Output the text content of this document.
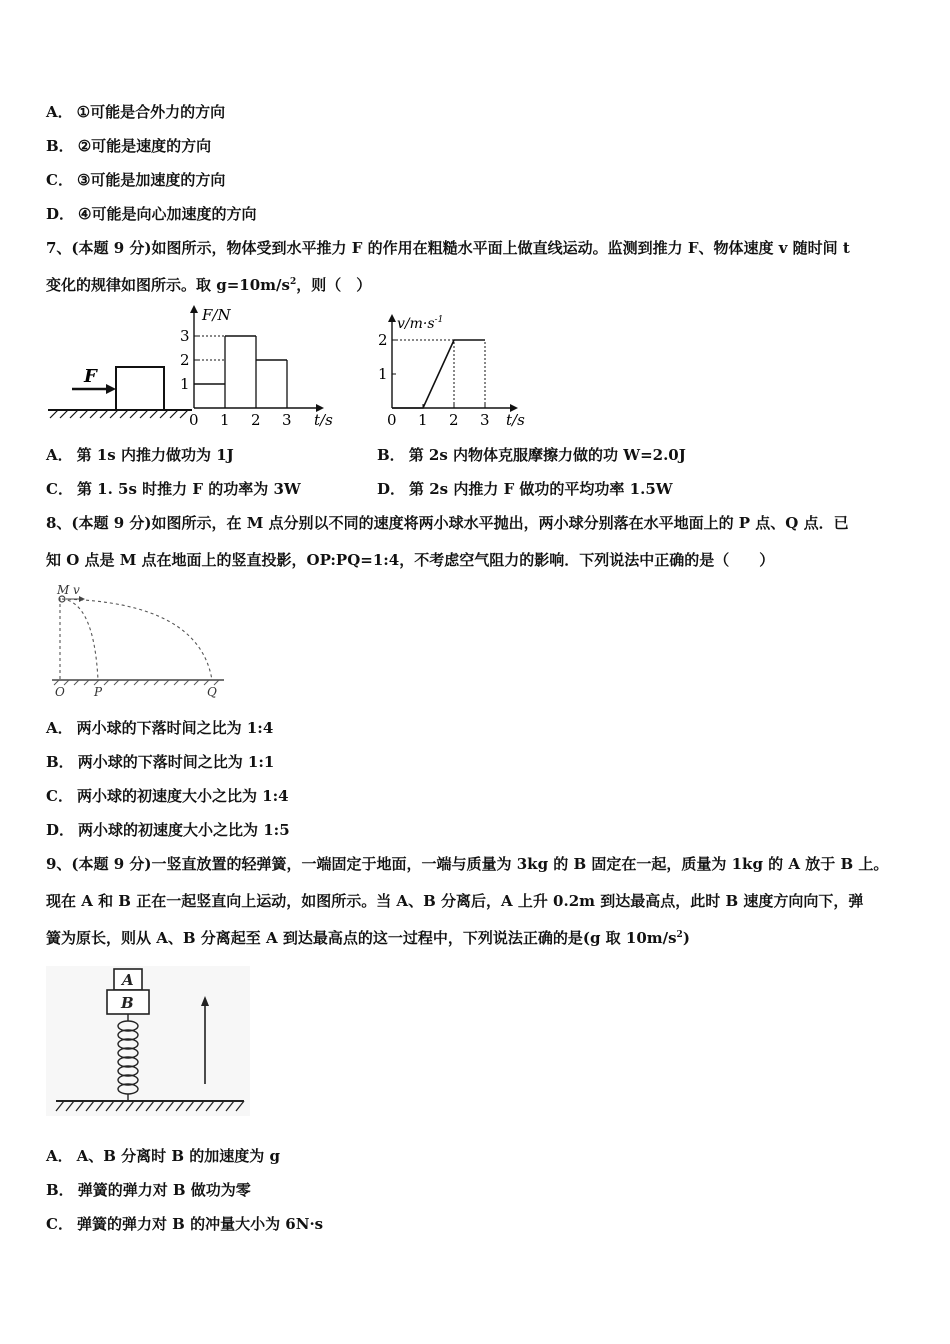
A． ①可能是合外力的方向
B． ②可能是速度的方向
C． ③可能是加速度的方向
D． ④可能是向心加速度的方向
7、(本题 9 分)如图所示，物体受到水平推力 F 的作用在粗糙水平面上做直线运动。监测到推力 F、物体速度 v 随时间 t
变化的规律如图所示。取 $g=10m/s^2$，则（　）
F
F/N
t/s
0 1 2 3
1
2
3
$v/m\cdot s^{-1}$
t/s
0 1 2 3
1
2
A． 第 1s 内推力做功为 1J	B． 第 2s 内物体克服摩擦力做的功 W=2.0J
C． 第 1. 5s 时推力 F 的功率为 3W	D． 第 2s 内推力 F 做功的平均功率 1.5W
8、(本题 9 分)如图所示，在 M 点分别以不同的速度将两小球水平抛出，两小球分别落在水平地面上的 P 点、Q 点．已
知 O 点是 M 点在地面上的竖直投影，OP:PQ=1:4，不考虑空气阻力的影响．下列说法中正确的是（　　）
M v
O P	Q
A． 两小球的下落时间之比为 1:4
B． 两小球的下落时间之比为 1:1
C． 两小球的初速度大小之比为 1:4
D． 两小球的初速度大小之比为 1:5
9、(本题 9 分)一竖直放置的轻弹簧，一端固定于地面，一端与质量为 3kg 的 B 固定在一起，质量为 1kg 的 A 放于 B 上。
现在 A 和 B 正在一起竖直向上运动，如图所示。当 A、B 分离后，A 上升 0.2m 到达最高点，此时 B 速度方向向下，弹
簧为原长，则从 A、B 分离起至 A 到达最高点的这一过程中，下列说法正确的是(g 取 $10m/s^2$)
A
B
A． A、B 分离时 B 的加速度为 g
B． 弹簧的弹力对 B 做功为零
C． 弹簧的弹力对 B 的冲量大小为 6N·s
